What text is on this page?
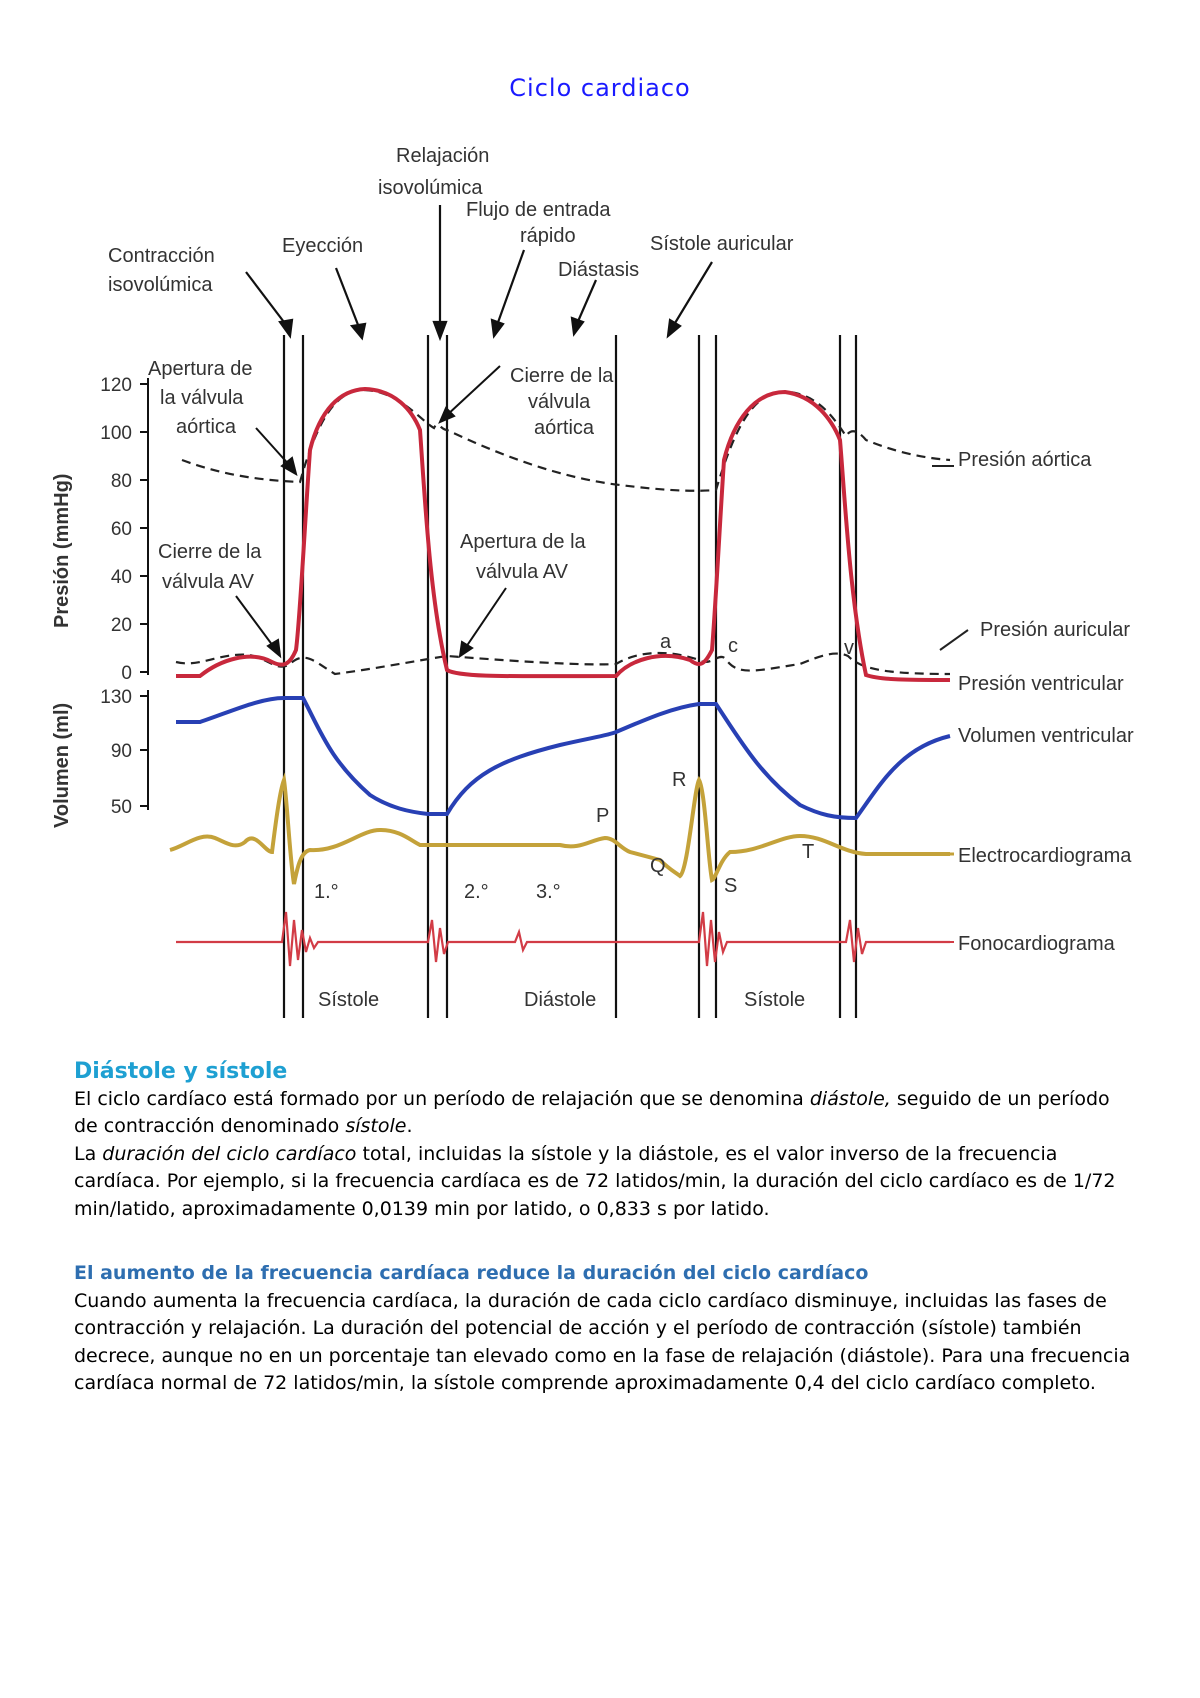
Ciclo cardiaco
120
100
80
60
40
20
0
130
90
50
Presión (mmHg)
Volumen (ml)
Presión aórtica
Presión auricular
Presión ventricular
Volumen ventricular
Electrocardiograma
Fonocardiograma
Contracción
isovolúmica
Eyección
Relajación
isovolúmica
Flujo de entrada
rápido
Diástasis
Sístole auricular
Apertura de
la válvula
aórtica
Cierre de la
válvula
aórtica
Cierre de la
válvula AV
Apertura de la
válvula AV
a	c	v
P
Q
R
S
T
1.°	2.° 3.°
Sístole	Diástole	Sístole
Diástole y sístole

El ciclo cardíaco está formado por un período de relajación que se denomina diástole, seguido de un período de contracción denominado sístole.

La duración del ciclo cardíaco total, incluidas la sístole y la diástole, es el valor inverso de la frecuencia cardíaca. Por ejemplo, si la frecuencia cardíaca es de 72 latidos/min, la duración del ciclo cardíaco es de 1/72 min/latido, aproximadamente 0,0139 min por latido, o 0,833 s por latido.

El aumento de la frecuencia cardíaca reduce la duración del ciclo cardíaco

Cuando aumenta la frecuencia cardíaca, la duración de cada ciclo cardíaco disminuye, incluidas las fases de contracción y relajación. La duración del potencial de acción y el período de contracción (sístole) también decrece, aunque no en un porcentaje tan elevado como en la fase de relajación (diástole). Para una frecuencia cardíaca normal de 72 latidos/min, la sístole comprende aproximadamente 0,4 del ciclo cardíaco completo.
